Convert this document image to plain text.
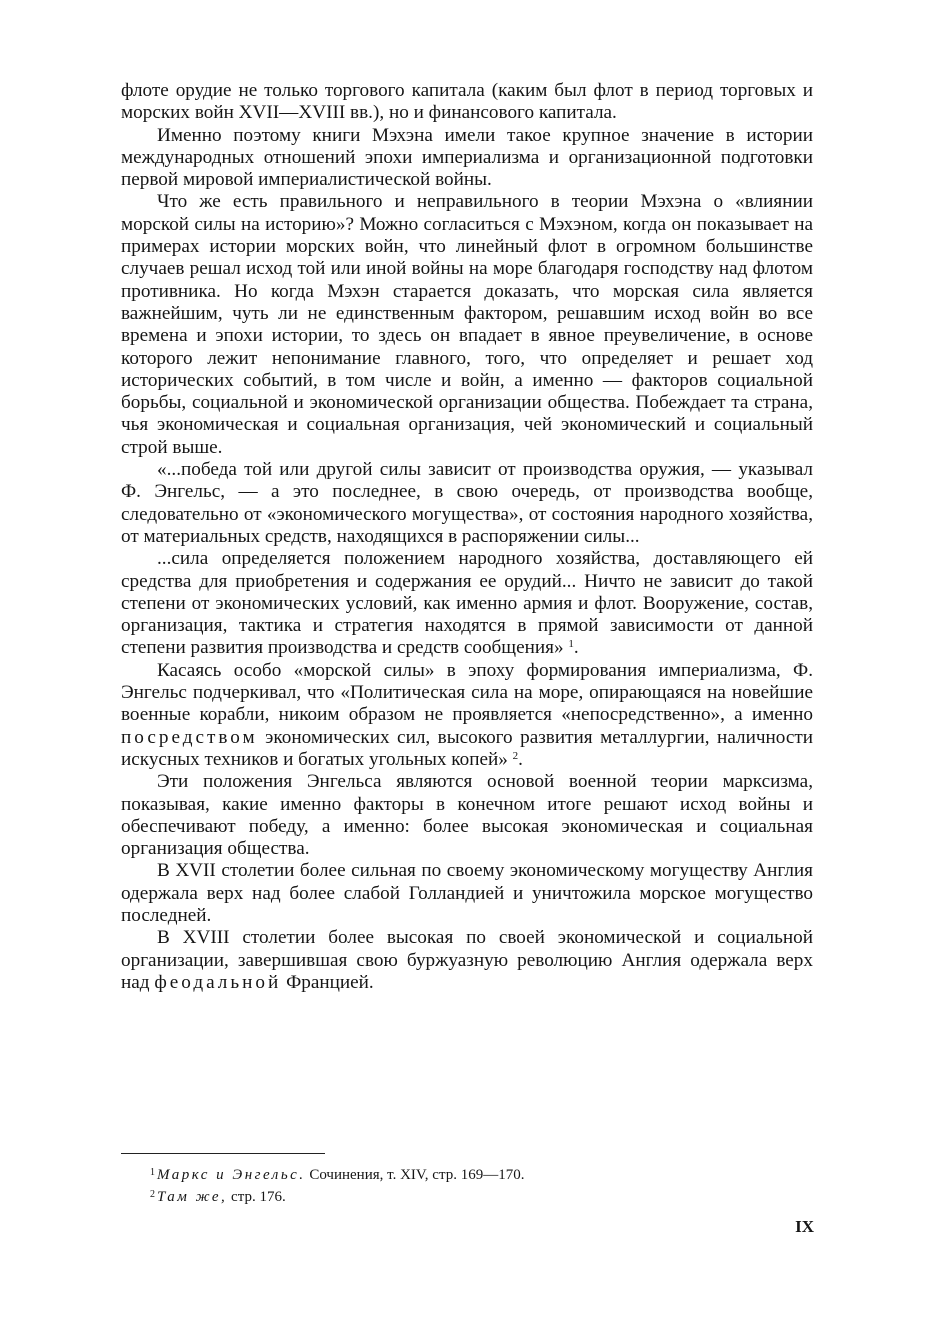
флоте орудие не только торгового капитала (каким был флот в период торговых и морских войн XVII—XVIII вв.), но и финансового капитала.

Именно поэтому книги Мэхэна имели такое крупное значение в истории международных отношений эпохи империализма и организационной подготовки первой мировой империалистической войны.

Что же есть правильного и неправильного в теории Мэхэна о «влиянии морской силы на историю»? Можно согласиться с Мэхэном, когда он показывает на примерах истории морских войн, что линейный флот в огромном большинстве случаев решал исход той или иной войны на море благодаря господству над флотом противника. Но когда Мэхэн старается доказать, что морская сила является важнейшим, чуть ли не единственным фактором, решавшим исход войн во все времена и эпохи истории, то здесь он впадает в явное преувеличение, в основе которого лежит непонимание главного, того, что определяет и решает ход исторических событий, в том числе и войн, а именно — факторов социальной борьбы, социальной и экономической организации общества. Побеждает та страна, чья экономическая и социальная организация, чей экономический и социальный строй выше.

«...победа той или другой силы зависит от производства оружия, — указывал Ф. Энгельс, — а это последнее, в свою очередь, от производства вообще, следовательно от «экономического могущества», от состояния народного хозяйства, от материальных средств, находящихся в распоряжении силы...

...сила определяется положением народного хозяйства, доставляющего ей средства для приобретения и содержания ее орудий... Ничто не зависит до такой степени от экономических условий, как именно армия и флот. Вооружение, состав, организация, тактика и стратегия находятся в прямой зависимости от данной степени развития производства и средств сообщения» $^1$.

Касаясь особо «морской силы» в эпоху формирования империализма, Ф. Энгельс подчеркивал, что «Политическая сила на море, опирающаяся на новейшие военные корабли, никоим образом не проявляется «непосредственно», а именно посредством экономических сил, высокого развития металлургии, наличности искусных техников и богатых угольных копей» $^2$.

Эти положения Энгельса являются основой военной теории марксизма, показывая, какие именно факторы в конечном итоге решают исход войны и обеспечивают победу, а именно: более высокая экономическая и социальная организация общества.

В XVII столетии более сильная по своему экономическому могуществу Англия одержала верх над более слабой Голландией и уничтожила морское могущество последней.

В XVIII столетии более высокая по своей экономической и социальной организации, завершившая свою буржуазную революцию Англия одержала верх над феодальной Францией.

$^1$ Маркс и Энгельс. Сочинения, т. XIV, стр. 169—170.
$^2$ Там же, стр. 176.
IX
